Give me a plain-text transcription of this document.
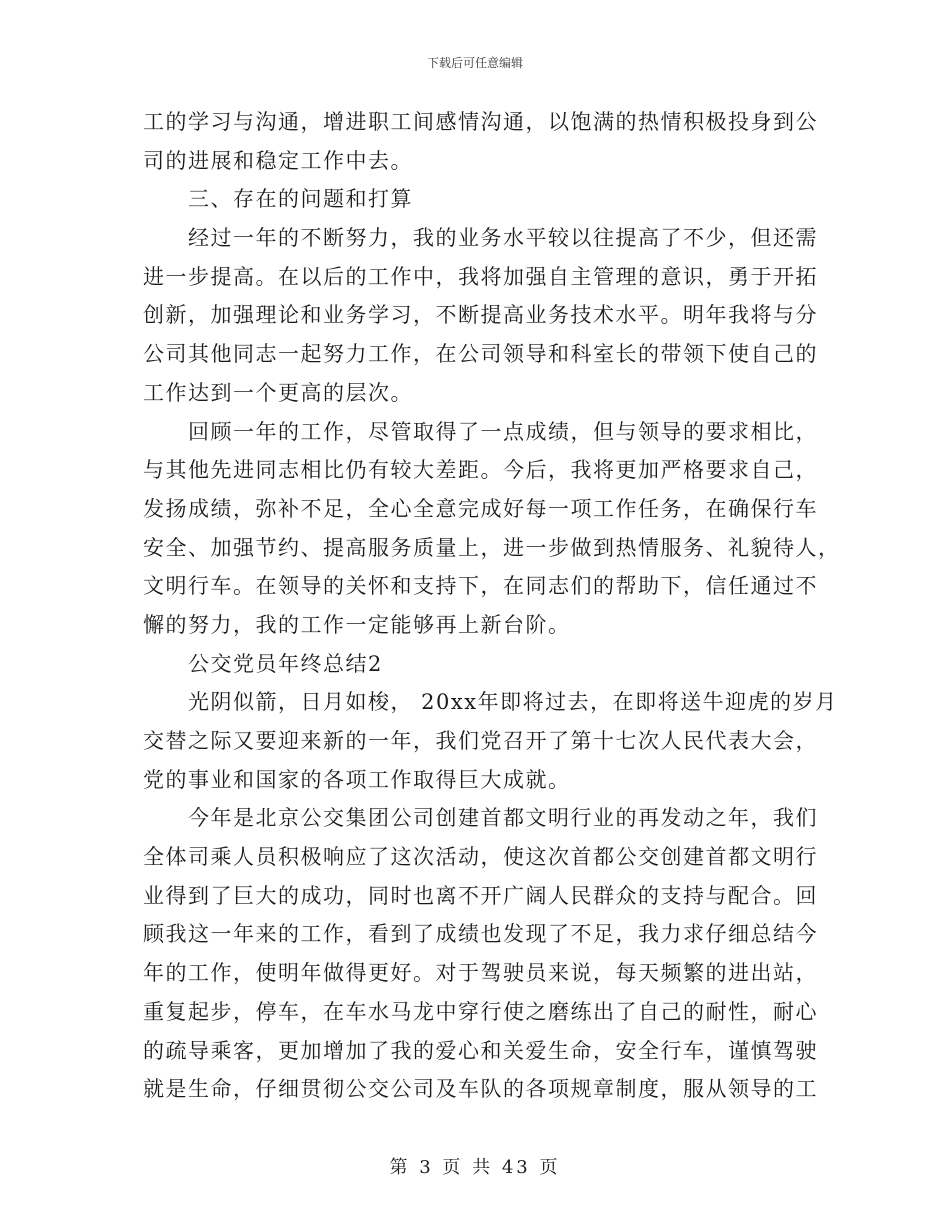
下载后可任意编辑
工的学习与沟通，增进职工间感情沟通，以饱满的热情积极投身到公
司的进展和稳定工作中去。
三、存在的问题和打算
经过一年的不断努力，我的业务水平较以往提高了不少，但还需
进一步提高。在以后的工作中，我将加强自主管理的意识，勇于开拓
创新，加强理论和业务学习，不断提高业务技术水平。明年我将与分
公司其他同志一起努力工作，在公司领导和科室长的带领下使自己的
工作达到一个更高的层次。
回顾一年的工作，尽管取得了一点成绩，但与领导的要求相比，
与其他先进同志相比仍有较大差距。今后，我将更加严格要求自己，
发扬成绩，弥补不足，全心全意完成好每一项工作任务，在确保行车
安全、加强节约、提高服务质量上，进一步做到热情服务、礼貌待人，
文明行车。在领导的关怀和支持下，在同志们的帮助下，信任通过不
懈的努力，我的工作一定能够再上新台阶。
公交党员年终总结2
光阴似箭，日月如梭， 20xx年即将过去，在即将送牛迎虎的岁月
交替之际又要迎来新的一年，我们党召开了第十七次人民代表大会，
党的事业和国家的各项工作取得巨大成就。
今年是北京公交集团公司创建首都文明行业的再发动之年，我们
全体司乘人员积极响应了这次活动，使这次首都公交创建首都文明行
业得到了巨大的成功，同时也离不开广阔人民群众的支持与配合。回
顾我这一年来的工作，看到了成绩也发现了不足，我力求仔细总结今
年的工作，使明年做得更好。对于驾驶员来说，每天频繁的进出站，
重复起步，停车，在车水马龙中穿行使之磨练出了自己的耐性，耐心
的疏导乘客，更加增加了我的爱心和关爱生命，安全行车，谨慎驾驶
就是生命，仔细贯彻公交公司及车队的各项规章制度，服从领导的工
第 3 页 共 43 页
